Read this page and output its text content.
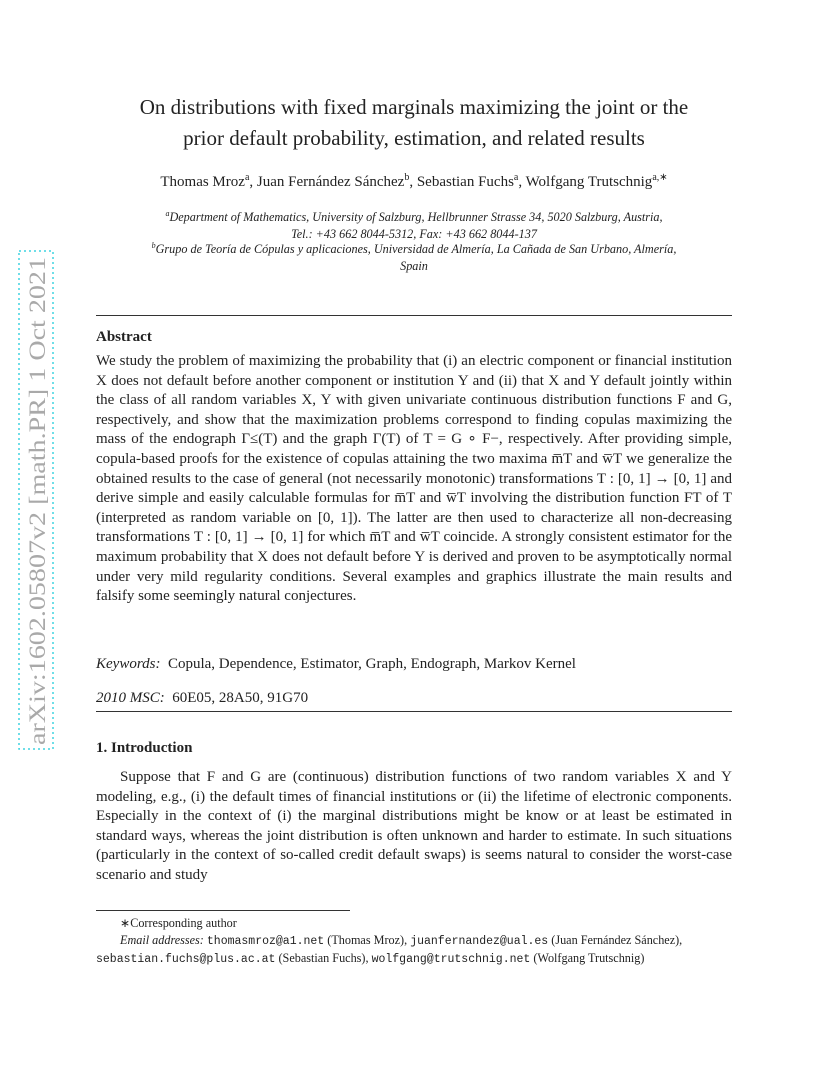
arXiv:1602.05807v2 [math.PR] 1 Oct 2021
On distributions with fixed marginals maximizing the joint or the
prior default probability, estimation, and related results
Thomas Mroz$^a$, Juan Fernández Sánchez$^b$, Sebastian Fuchs$^a$, Wolfgang Trutschnig$^{a,∗}$
$^a$Department of Mathematics, University of Salzburg, Hellbrunner Strasse 34, 5020 Salzburg, Austria,
Tel.: +43 662 8044-5312, Fax: +43 662 8044-137
$^b$Grupo de Teoría de Cópulas y aplicaciones, Universidad de Almería, La Cañada de San Urbano, Almería,
Spain
Abstract
We study the problem of maximizing the probability that (i) an electric component or financial institution X does not default before another component or institution Y and (ii) that X and Y default jointly within the class of all random variables X, Y with given univariate continuous distribution functions F and G, respectively, and show that the maximization problems correspond to finding copulas maximizing the mass of the endograph Γ≤(T) and the graph Γ(T) of T = G ∘ F−, respectively. After providing simple, copula-based proofs for the existence of copulas attaining the two maxima m̅T and w̅T we generalize the obtained results to the case of general (not necessarily monotonic) transformations T : [0, 1] → [0, 1] and derive simple and easily calculable formulas for m̅T and w̅T involving the distribution function FT of T (interpreted as random variable on [0, 1]). The latter are then used to characterize all non-decreasing transformations T : [0, 1] → [0, 1] for which m̅T and w̅T coincide. A strongly consistent estimator for the maximum probability that X does not default before Y is derived and proven to be asymptotically normal under very mild regularity conditions. Several examples and graphics illustrate the main results and falsify some seemingly natural conjectures.
Keywords: Copula, Dependence, Estimator, Graph, Endograph, Markov Kernel
2010 MSC: 60E05, 28A50, 91G70
1. Introduction
Suppose that F and G are (continuous) distribution functions of two random variables X and Y modeling, e.g., (i) the default times of financial institutions or (ii) the lifetime of electronic components. Especially in the context of (i) the marginal distributions might be know or at least be estimated in standard ways, whereas the joint distribution is often unknown and harder to estimate. In such situations (particularly in the context of so-called credit default swaps) is seems natural to consider the worst-case scenario and study
∗Corresponding author
Email addresses: thomasmroz@a1.net (Thomas Mroz), juanfernandez@ual.es (Juan Fernández Sánchez), sebastian.fuchs@plus.ac.at (Sebastian Fuchs), wolfgang@trutschnig.net (Wolfgang Trutschnig)
